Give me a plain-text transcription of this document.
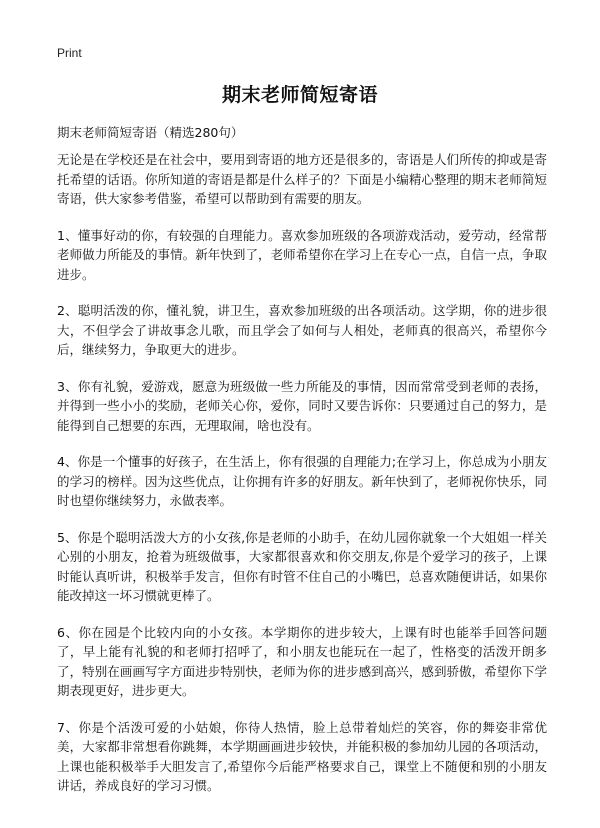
Print
期末老师简短寄语

期末老师简短寄语（精选280句）

无论是在学校还是在社会中，要用到寄语的地方还是很多的，寄语是人们所传的抑或是寄托希望的话语。你所知道的寄语是都是什么样子的？下面是小编精心整理的期末老师简短寄语，供大家参考借鉴，希望可以帮助到有需要的朋友。

1、懂事好动的你，有较强的自理能力。喜欢参加班级的各项游戏活动，爱劳动，经常帮老师做力所能及的事情。新年快到了，老师希望你在学习上在专心一点，自信一点，争取进步。

2、聪明活泼的你，懂礼貌，讲卫生，喜欢参加班级的出各项活动。这学期，你的进步很大，不但学会了讲故事念儿歌，而且学会了如何与人相处，老师真的很高兴，希望你今后，继续努力，争取更大的进步。

3、你有礼貌，爱游戏，愿意为班级做一些力所能及的事情，因而常常受到老师的表扬，并得到一些小小的奖励，老师关心你，爱你，同时又要告诉你：只要通过自己的努力，是能得到自己想要的东西，无理取闹，啥也没有。

4、你是一个懂事的好孩子，在生活上，你有很强的自理能力;在学习上，你总成为小朋友的学习的榜样。因为这些优点，让你拥有许多的好朋友。新年快到了，老师祝你快乐，同时也望你继续努力，永做表率。

5、你是个聪明活泼大方的小女孩,你是老师的小助手，在幼儿园你就象一个大姐姐一样关心别的小朋友，抢着为班级做事，大家都很喜欢和你交朋友,你是个爱学习的孩子，上课时能认真听讲，积极举手发言，但你有时管不住自己的小嘴巴，总喜欢随便讲话，如果你能改掉这一坏习惯就更棒了。

6、你在园是个比较内向的小女孩。本学期你的进步较大，上课有时也能举手回答问题了，早上能有礼貌的和老师打招呼了，和小朋友也能玩在一起了，性格变的活泼开朗多了，特别在画画写字方面进步特别快，老师为你的进步感到高兴，感到骄傲，希望你下学期表现更好，进步更大。

7、你是个活泼可爱的小姑娘，你待人热情，脸上总带着灿烂的笑容，你的舞姿非常优美，大家都非常想看你跳舞，本学期画画进步较快，并能积极的参加幼儿园的各项活动，上课也能积极举手大胆发言了,希望你今后能严格要求自己，课堂上不随便和别的小朋友讲话，养成良好的学习习惯。
